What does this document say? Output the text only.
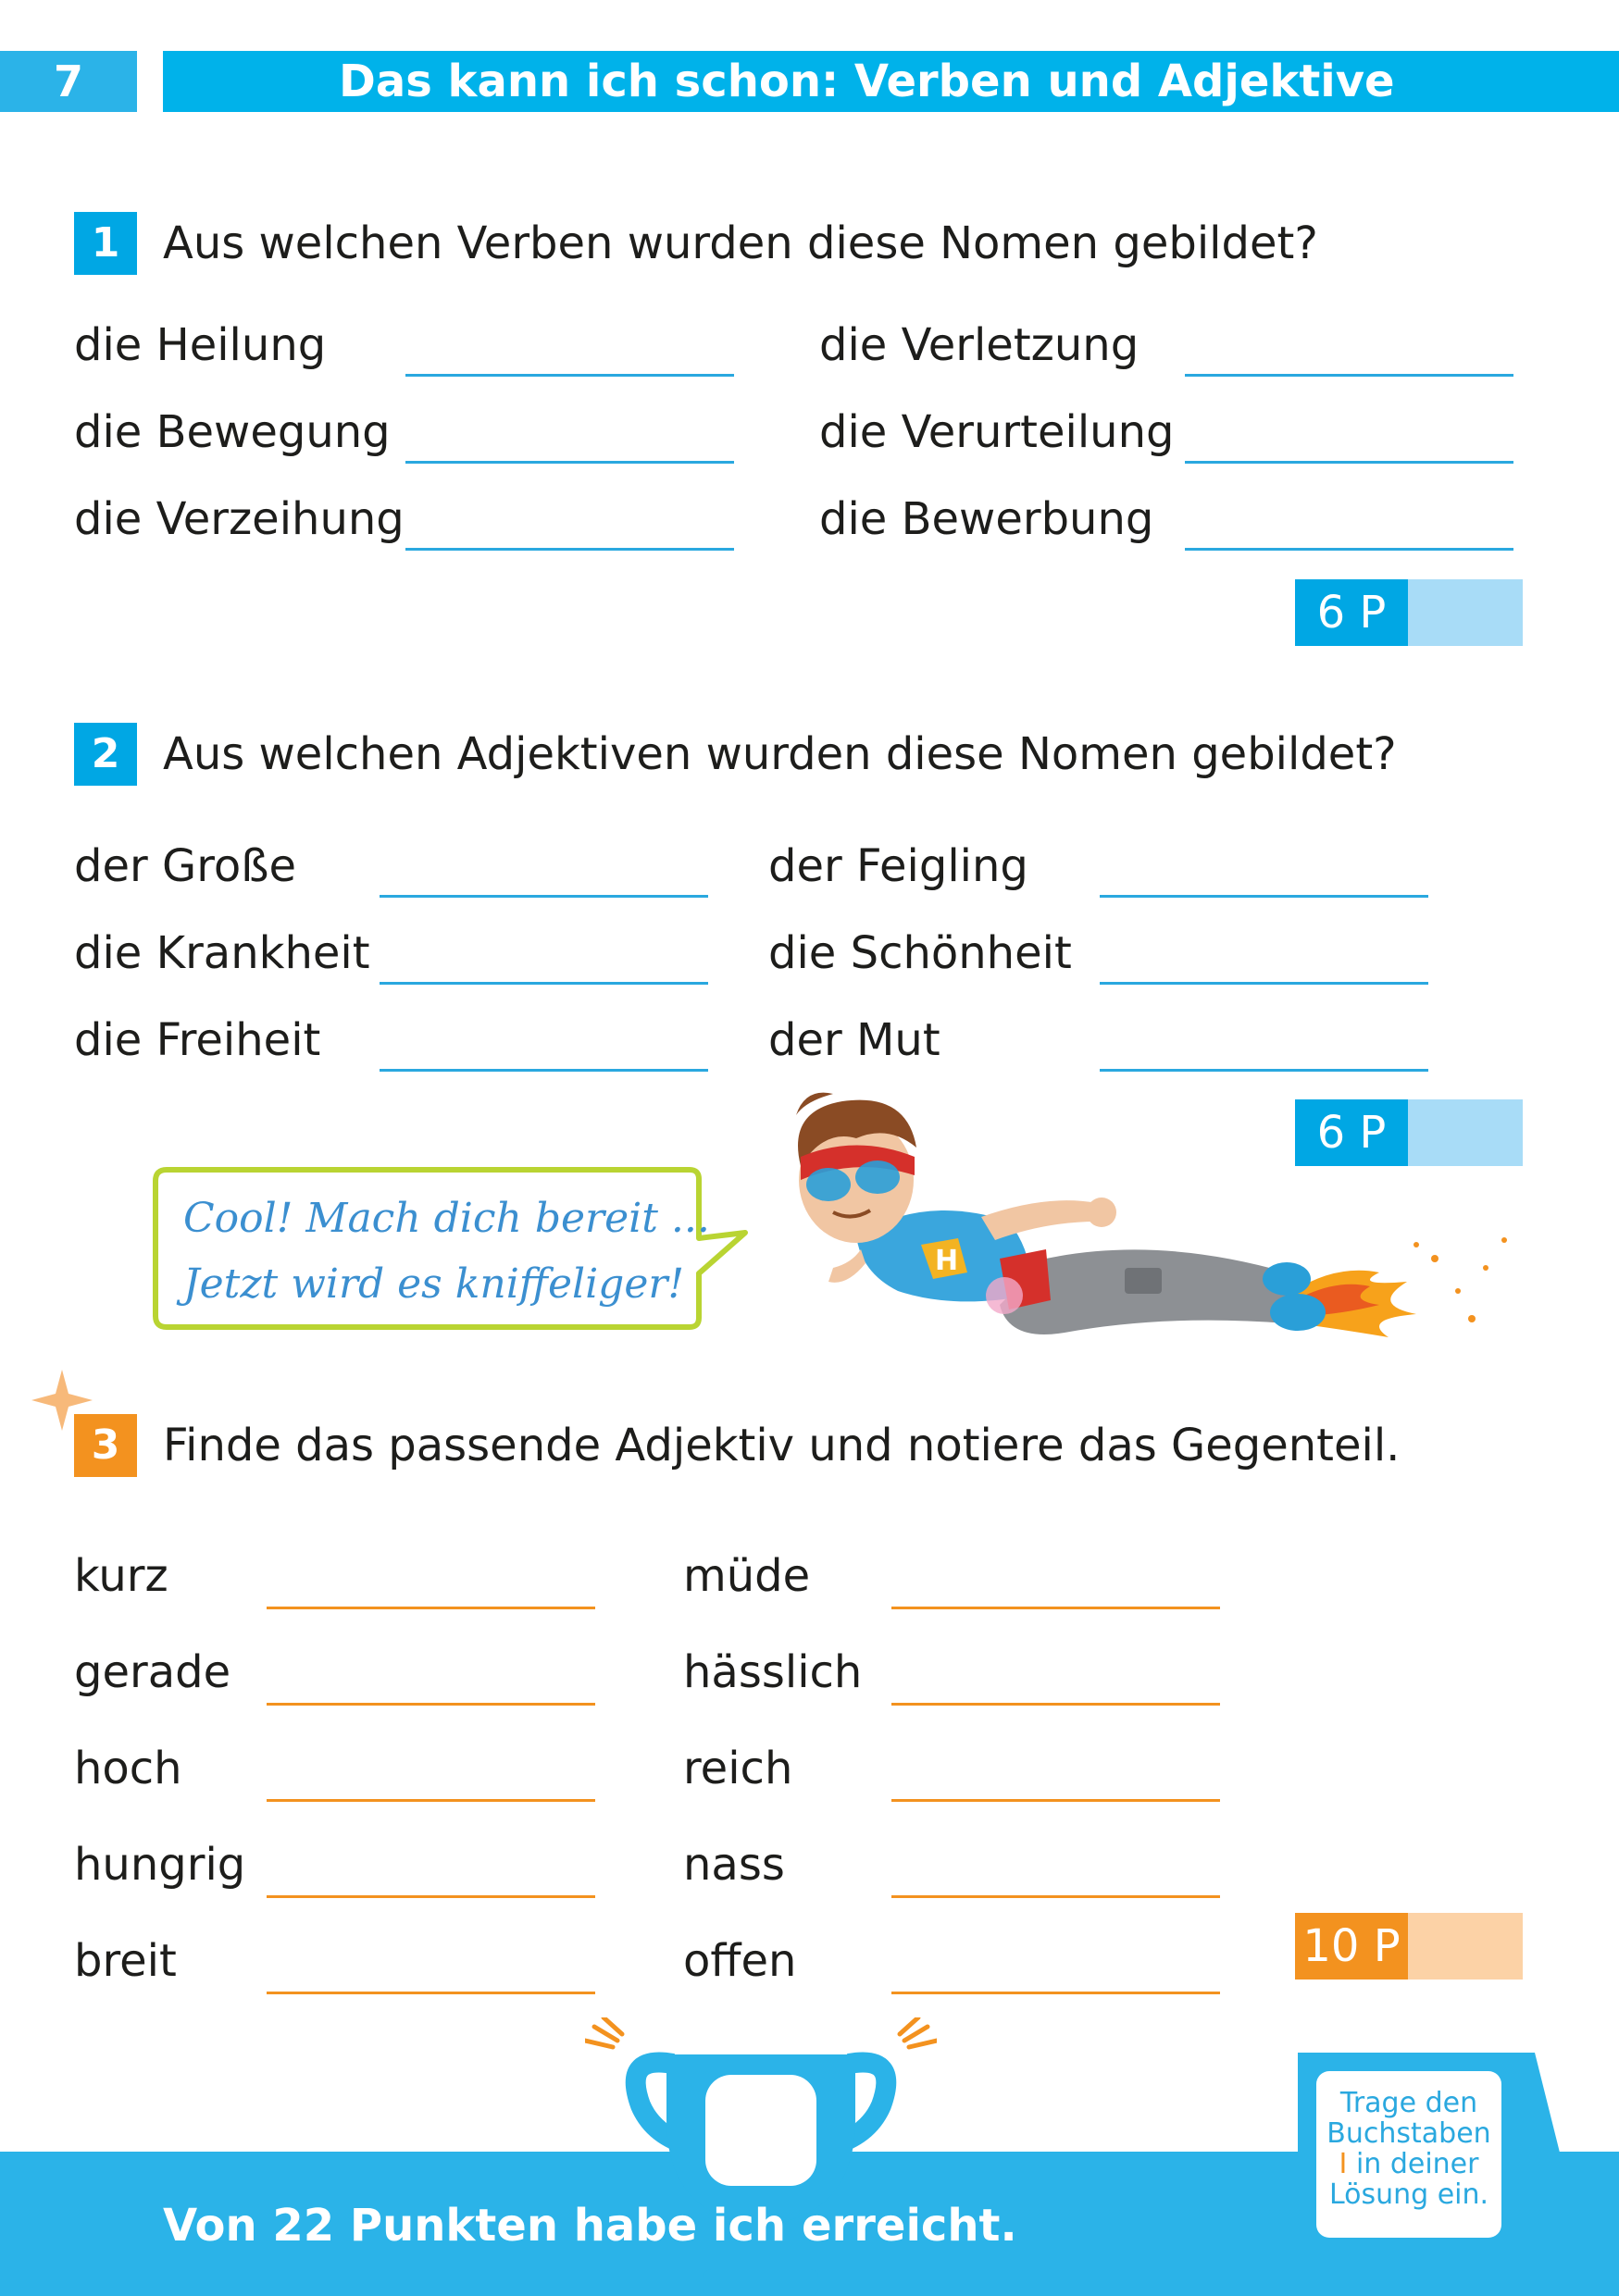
7	Das kann ich schon: Verben und Adjektive
1 Aus welchen Verben wurden diese Nomen gebildet?
die Heilung	die Verletzung
die Bewegung	die Verurteilung
die Verzeihung	die Bewerbung
6 P
2 Aus welchen Adjektiven wurden diese Nomen gebildet?
der Große	der Feigling
die Krankheit	die Schönheit
die Freiheit	der Mut
6 P
Cool! Mach dich bereit ...
Jetzt wird es kniffeliger!	H
3 Finde das passende Adjektiv und notiere das Gegenteil.
kurz	müde
gerade	hässlich
hoch	reich
hungrig	nass
breit	offen	10 P
Punkte
Von 22 Punkten habe ich erreicht.
Trage den
Buchstaben
I in deiner
Lösung ein.
